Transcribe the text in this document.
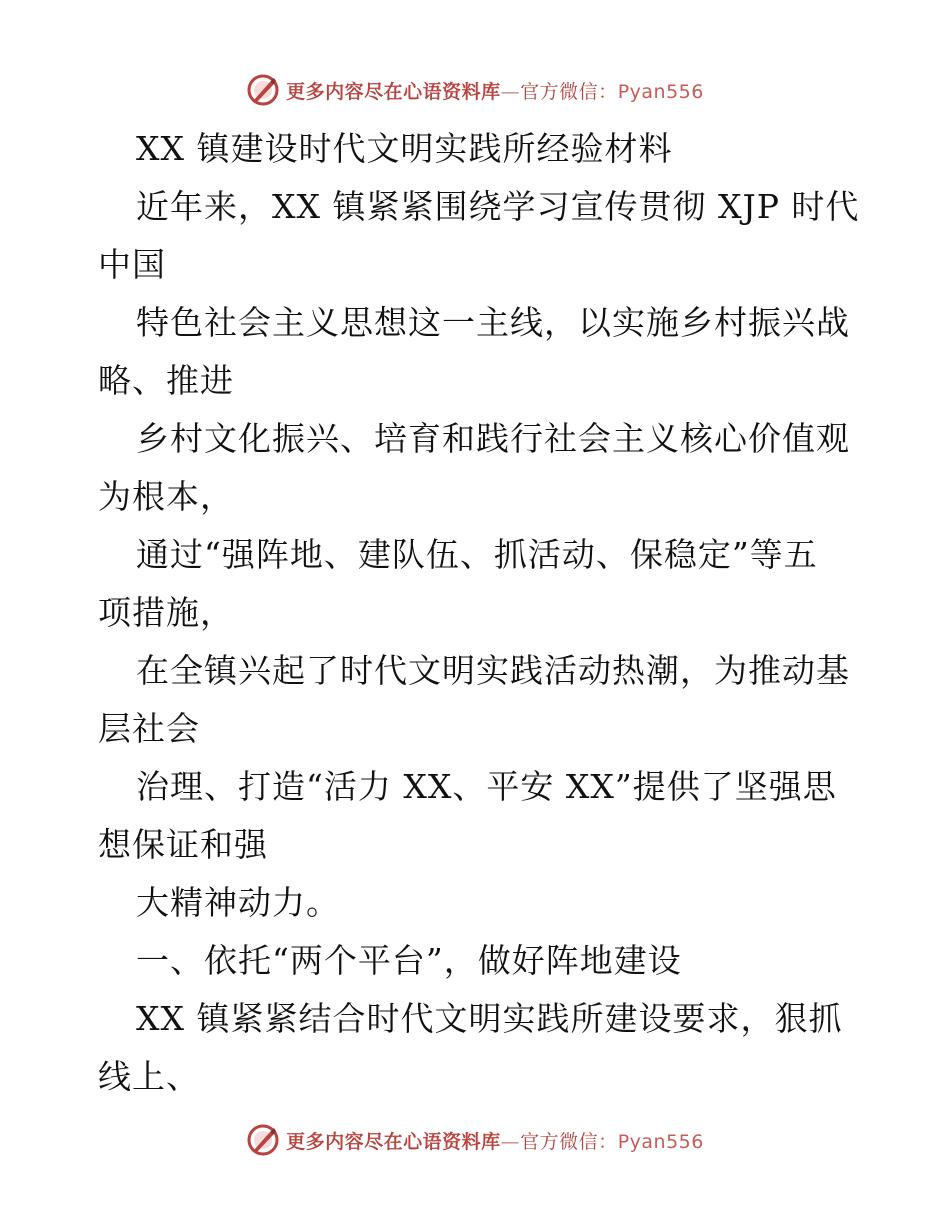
更多内容尽在心语资料库—官方微信：Pyan556
XX 镇建设时代文明实践所经验材料
近年来，XX 镇紧紧围绕学习宣传贯彻 XJP 时代
中国
特色社会主义思想这一主线，以实施乡村振兴战
略、推进
乡村文化振兴、培育和践行社会主义核心价值观
为根本，
通过“强阵地、建队伍、抓活动、保稳定”等五
项措施，
在全镇兴起了时代文明实践活动热潮，为推动基
层社会
治理、打造“活力 XX、平安 XX”提供了坚强思
想保证和强
大精神动力。
一、依托“两个平台”，做好阵地建设
XX 镇紧紧结合时代文明实践所建设要求，狠抓
线上、
更多内容尽在心语资料库—官方微信：Pyan556
